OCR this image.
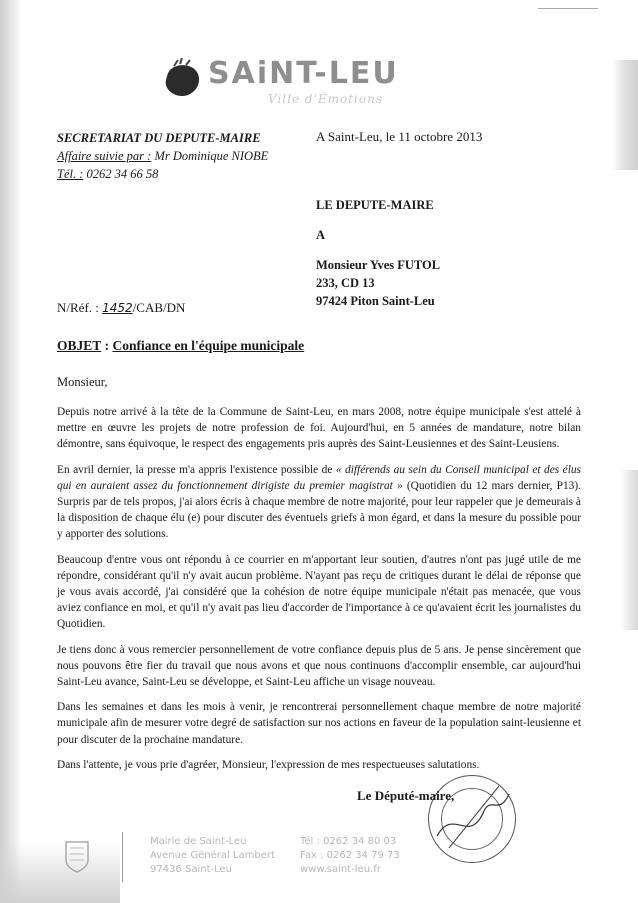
SAiNT-LEU
Ville d'Émotions
SECRETARIAT DU DEPUTE-MAIRE
Affaire suivie par : Mr Dominique NIOBE
Tél. : 0262 34 66 58
A Saint-Leu, le 11 octobre 2013
LE DEPUTE-MAIRE
A
Monsieur Yves FUTOL
233, CD 13
97424 Piton Saint-Leu
N/Réf. : 1452/CAB/DN
OBJET : Confiance en l'équipe municipale
Monsieur,

Depuis notre arrivé à la tête de la Commune de Saint-Leu, en mars 2008, notre équipe municipale s'est attelé à mettre en œuvre les projets de notre profession de foi. Aujourd'hui, en 5 années de mandature, notre bilan démontre, sans équivoque, le respect des engagements pris auprès des Saint-Leusiennes et des Saint-Leusiens.

En avril dernier, la presse m'a appris l'existence possible de « différends au sein du Conseil municipal et des élus qui en auraient assez du fonctionnement dirigiste du premier magistrat » (Quotidien du 12 mars dernier, P13). Surpris par de tels propos, j'ai alors écris à chaque membre de notre majorité, pour leur rappeler que je demeurais à la disposition de chaque élu (e) pour discuter des éventuels griefs à mon égard, et dans la mesure du possible pour y apporter des solutions.

Beaucoup d'entre vous ont répondu à ce courrier en m'apportant leur soutien, d'autres n'ont pas jugé utile de me répondre, considérant qu'il n'y avait aucun problème. N'ayant pas reçu de critiques durant le délai de réponse que je vous avais accordé, j'ai considéré que la cohésion de notre équipe municipale n'était pas menacée, que vous aviez confiance en moi, et qu'il n'y avait pas lieu d'accorder de l'importance à ce qu'avaient écrit les journalistes du Quotidien.

Je tiens donc à vous remercier personnellement de votre confiance depuis plus de 5 ans. Je pense sincèrement que nous pouvons être fier du travail que nous avons et que nous continuons d'accomplir ensemble, car aujourd'hui Saint-Leu avance, Saint-Leu se développe, et Saint-Leu affiche un visage nouveau.

Dans les semaines et dans les mois à venir, je rencontrerai personnellement chaque membre de notre majorité municipale afin de mesurer votre degré de satisfaction sur nos actions en faveur de la population saint-leusienne et pour discuter de la prochaine mandature.

Dans l'attente, je vous prie d'agréer, Monsieur, l'expression de mes respectueuses salutations.

Le Député-maire,
Mairie de Saint-Leu
Avenue Général Lambert
97436 Saint-Leu
Tél : 0262 34 80 03
Fax : 0262 34 79 73
www.saint-leu.fr
